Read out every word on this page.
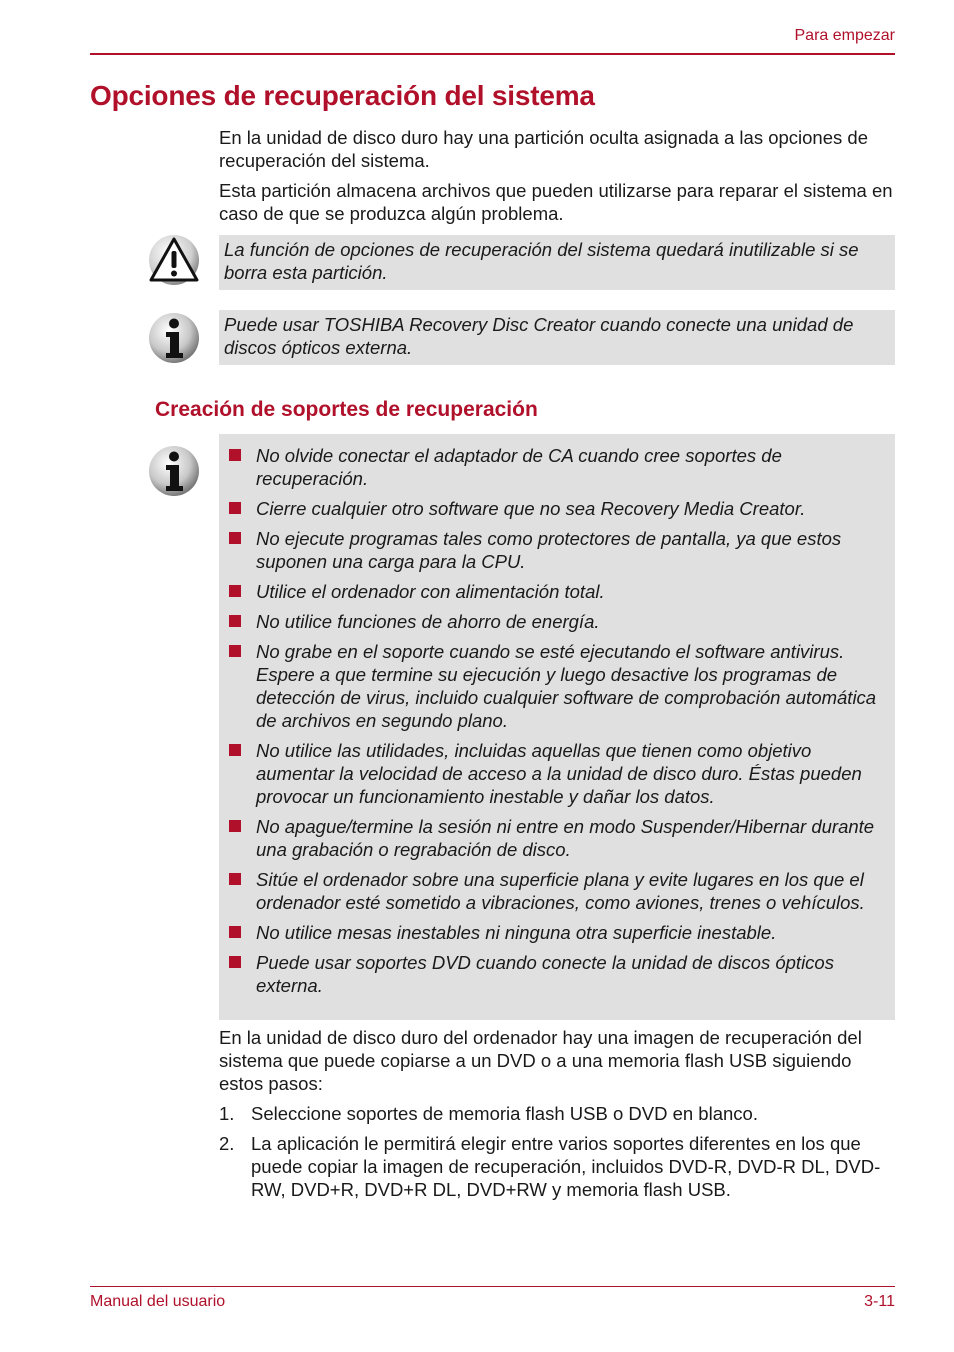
Para empezar
Opciones de recuperación del sistema

En la unidad de disco duro hay una partición oculta asignada a las opciones de recuperación del sistema.

Esta partición almacena archivos que pueden utilizarse para reparar el sistema en caso de que se produzca algún problema.

La función de opciones de recuperación del sistema quedará inutilizable si se borra esta partición.
Puede usar TOSHIBA Recovery Disc Creator cuando conecte una unidad de discos ópticos externa.
Creación de soportes de recuperación
No olvide conectar el adaptador de CA cuando cree soportes de recuperación.
Cierre cualquier otro software que no sea Recovery Media Creator.
No ejecute programas tales como protectores de pantalla, ya que estos suponen una carga para la CPU.
Utilice el ordenador con alimentación total.
No utilice funciones de ahorro de energía.
No grabe en el soporte cuando se esté ejecutando el software antivirus. Espere a que termine su ejecución y luego desactive los programas de detección de virus, incluido cualquier software de comprobación automática de archivos en segundo plano.
No utilice las utilidades, incluidas aquellas que tienen como objetivo aumentar la velocidad de acceso a la unidad de disco duro. Éstas pueden provocar un funcionamiento inestable y dañar los datos.
No apague/termine la sesión ni entre en modo Suspender/Hibernar durante una grabación o regrabación de disco.
Sitúe el ordenador sobre una superficie plana y evite lugares en los que el ordenador esté sometido a vibraciones, como aviones, trenes o vehículos.
No utilice mesas inestables ni ninguna otra superficie inestable.
Puede usar soportes DVD cuando conecte la unidad de discos ópticos externa.

En la unidad de disco duro del ordenador hay una imagen de recuperación del sistema que puede copiarse a un DVD o a una memoria flash USB siguiendo estos pasos:

1. Seleccione soportes de memoria flash USB o DVD en blanco.
2. La aplicación le permitirá elegir entre varios soportes diferentes en los que puede copiar la imagen de recuperación, incluidos DVD-R, DVD-R DL, DVD-RW, DVD+R, DVD+R DL, DVD+RW y memoria flash USB.
Manual del usuario	3-11
